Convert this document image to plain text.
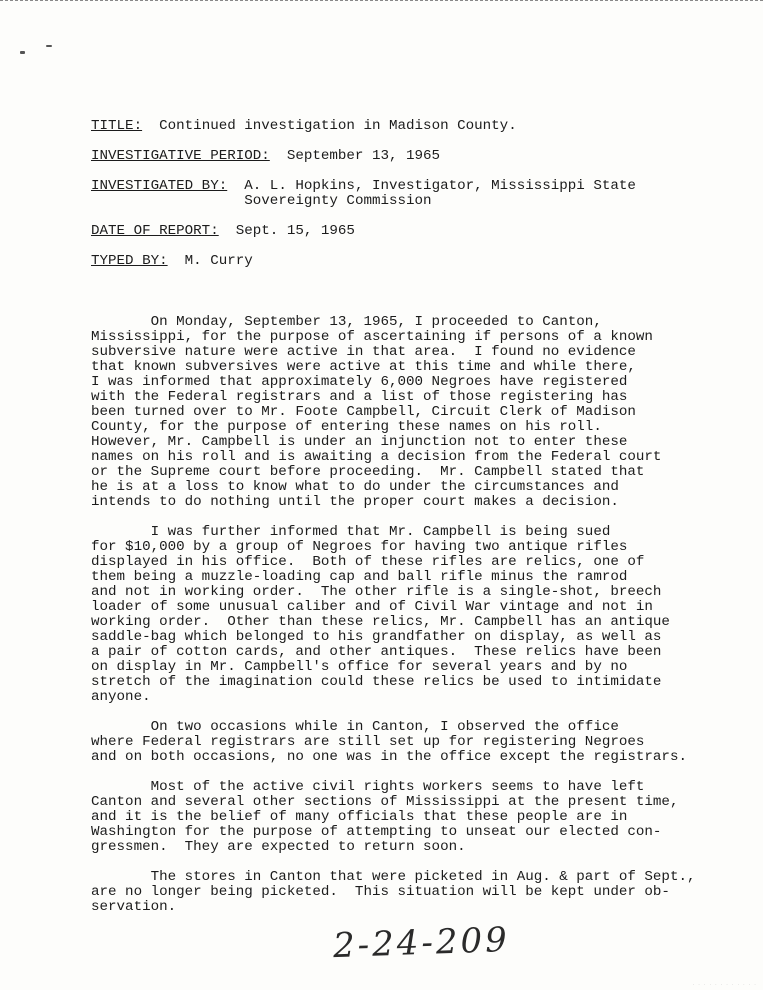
TITLE:  Continued investigation in Madison County.
INVESTIGATIVE PERIOD:  September 13, 1965
INVESTIGATED BY:	A. L. Hopkins, Investigator, Mississippi State
Sovereignty Commission
DATE OF REPORT:  Sept. 15, 1965
TYPED BY:  M. Curry
On Monday, September 13, 1965, I proceeded to Canton,
Mississippi, for the purpose of ascertaining if persons of a known
subversive nature were active in that area.  I found no evidence
that known subversives were active at this time and while there,
I was informed that approximately 6,000 Negroes have registered
with the Federal registrars and a list of those registering has
been turned over to Mr. Foote Campbell, Circuit Clerk of Madison
County, for the purpose of entering these names on his roll.
However, Mr. Campbell is under an injunction not to enter these
names on his roll and is awaiting a decision from the Federal court
or the Supreme court before proceeding.  Mr. Campbell stated that
he is at a loss to know what to do under the circumstances and
intends to do nothing until the proper court makes a decision.
I was further informed that Mr. Campbell is being sued
for $10,000 by a group of Negroes for having two antique rifles
displayed in his office.  Both of these rifles are relics, one of
them being a muzzle-loading cap and ball rifle minus the ramrod
and not in working order.  The other rifle is a single-shot, breech
loader of some unusual caliber and of Civil War vintage and not in
working order.  Other than these relics, Mr. Campbell has an antique
saddle-bag which belonged to his grandfather on display, as well as
a pair of cotton cards, and other antiques.  These relics have been
on display in Mr. Campbell's office for several years and by no
stretch of the imagination could these relics be used to intimidate
anyone.
On two occasions while in Canton, I observed the office
where Federal registrars are still set up for registering Negroes
and on both occasions, no one was in the office except the registrars.
Most of the active civil rights workers seems to have left
Canton and several other sections of Mississippi at the present time,
and it is the belief of many officials that these people are in
Washington for the purpose of attempting to unseat our elected con-
gressmen.  They are expected to return soon.
The stores in Canton that were picketed in Aug. & part of Sept.,
are no longer being picketed.  This situation will be kept under ob-
servation.
2-24-209
· · · · · · · · · · · ·
